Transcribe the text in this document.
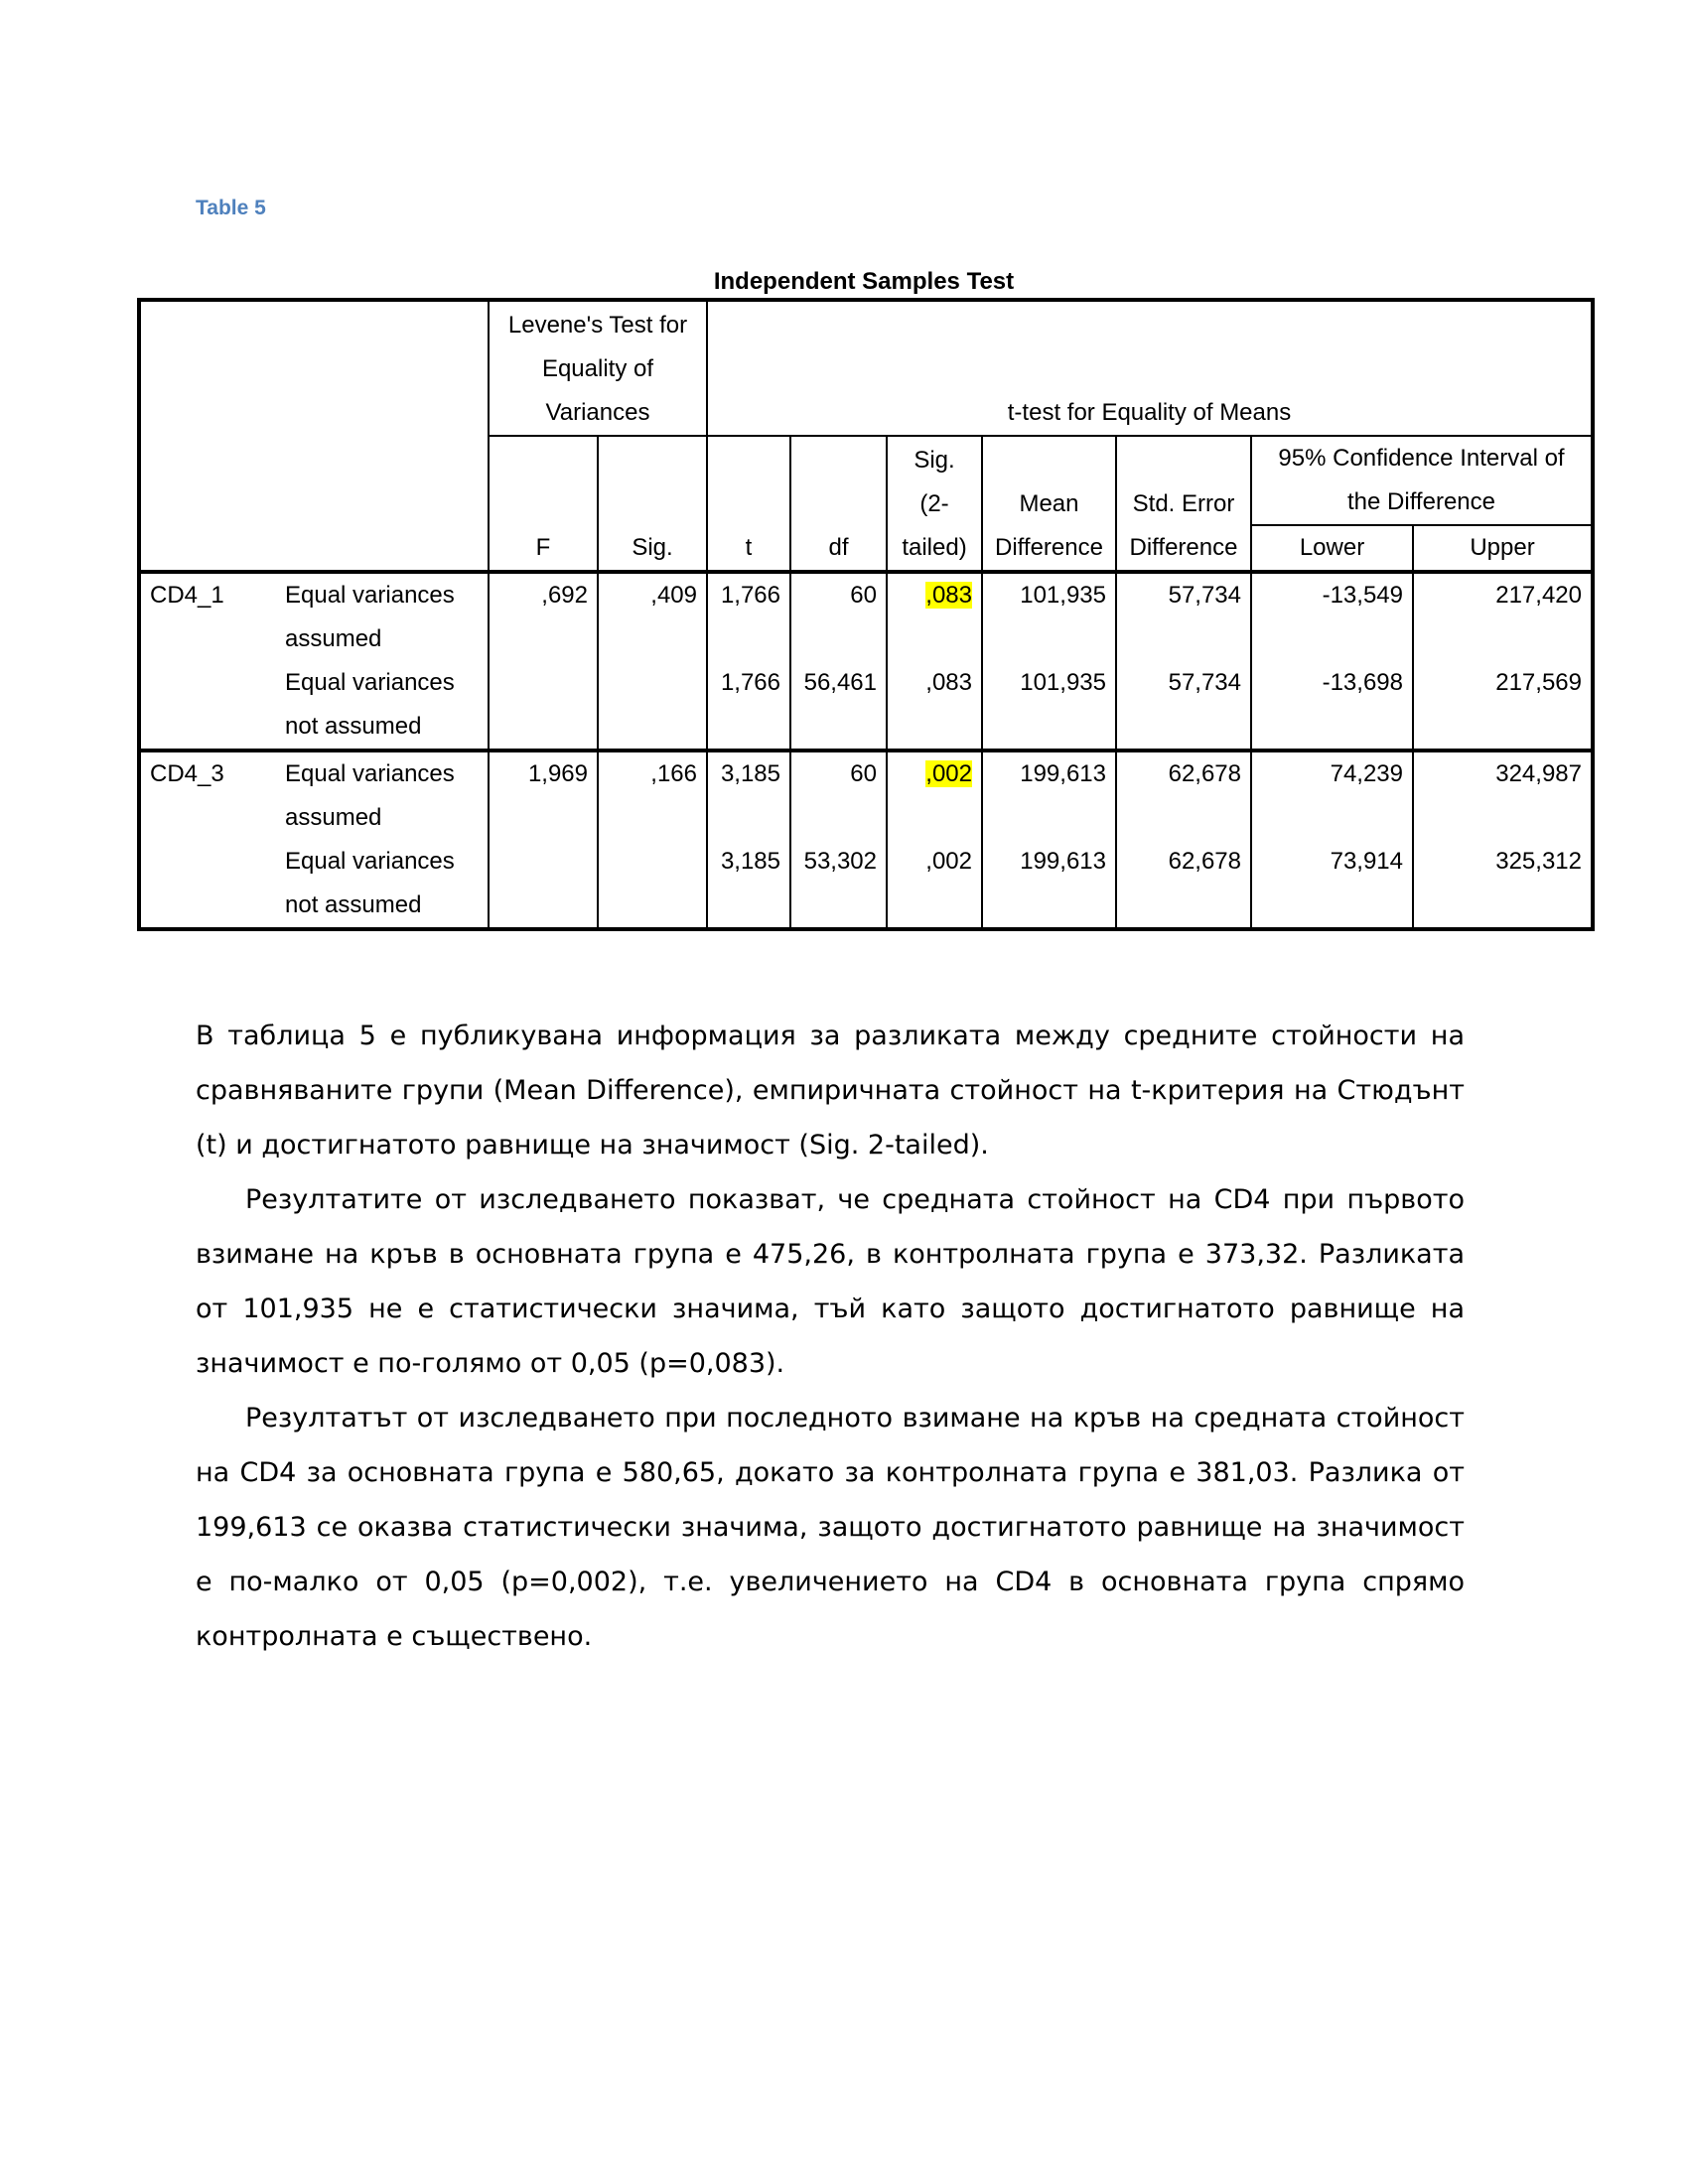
Table 5
Independent Samples Test
		Levene's Test for Equality of Variances		t-test for Equality of Means						
		F	Sig.	t	df	Sig. (2- tailed)	Mean Difference	Std. Error Difference	95% Confidence Interval of the Difference	
									Lower	Upper
CD4_1	Equal variances assumed	,692	,409	1,766	60	,083	101,935	57,734	-13,549	217,420
	Equal variances not assumed			1,766	56,461	,083	101,935	57,734	-13,698	217,569
CD4_3	Equal variances assumed	1,969	,166	3,185	60	,002	199,613	62,678	74,239	324,987
	Equal variances not assumed			3,185	53,302	,002	199,613	62,678	73,914	325,312

В таблица 5 е публикувана информация за разликата между средните стойности на сравняваните групи (Mean Difference), емпиричната стойност на t-критерия на Стюдънт (t) и достигнатото равнище на значимост (Sig. 2-tailed).

Резултатите от изследването показват, че средната стойност на CD4 при първото взимане на кръв в основната група е 475,26, в контролната група е 373,32. Разликата от 101,935 не е статистически значима, тъй като защото достигнатото равнище на значимост е по-голямо от 0,05 (р=0,083).

Резултатът от изследването при последното взимане на кръв на средната стойност на CD4 за основната група е 580,65, докато за контролната група е 381,03. Разлика от 199,613 се оказва статистически значима, защото достигнатото равнище на значимост е по-малко от 0,05 (р=0,002), т.е. увеличението на CD4 в основната група спрямо контролната е съществено.
